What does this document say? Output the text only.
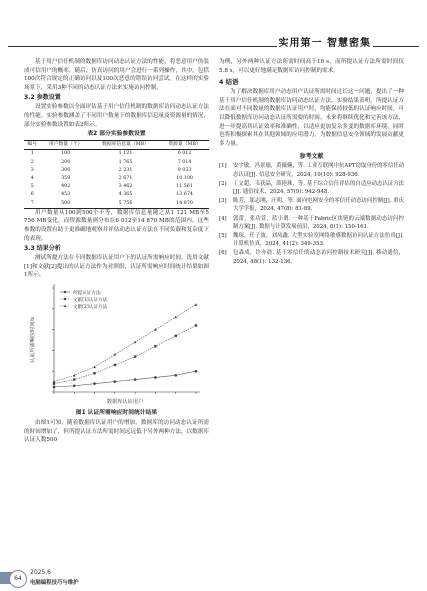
实用第一 智慧密集

基于用户信任机制的数据库访问动态认证方法的性能，将恶意用户伪装成可信用户的概率，随后，仿真访问的用户会进行一系列操作，其中，包括100次符合规定的正确访问以及100次恶意的错误访问尝试。在这样的实验场景下，采用3种不同的动态认证方法来实施访问控制。

3.2 参数设置

设置实验参数以全面评估基于用户信任机制的数据库访问动态认证方法的性能。实验参数涵盖了不同用户数量下的数据库信息量及资源量的情况，部分实验参数设置如表2所示。

表2 部分实验参数设置
编号	用户数量（个）	数据库信息量（MB）	资源量（MB）
1	100	1 121	6 012
2	200	1 765	7 014
3	300	2 231	9 033
4	359	2 671	10 100
5	402	3 462	11 561
6	453	4 365	13 674
7	500	5 756	14 870

用户数量从100到500个不等，数据库信息量随之从1 121 MB至5 756 MB变化，而资源数量则分布在6 012至14 870 MB的范围内。这些参数的设置有助于更准确地观察并评估动态认证方法在不同负载和复杂度下的表现。

3.3 结果分析

测试所提方法在不同数据库认证用户下的认证所需响应时间，选用文献[1]和文献[2]提出的认证方法作为对照组，认证所需响应时间统计结果如图1所示。

数据库认证用户
认证所需响应时间/s
所提认证方法
文献[1]认证方法
文献[2]认证方法
图1 认证所需响应时间统计结果

由图1可知，随着数据库认证用户的增加，数据库的访问动态认证所需的时间增加了，但所提认证方法所需时间远远低于另外两种方法，以数据库认证人数500

为例，另外两种认证方法所需时间高于16 s，而所提认证方法所需时间仅5.8 s，可以更好地满足数据库访问控制的需求。

4 结语

为了解决数据库用户动态用户认证所需时间过长这一问题，提出了一种基于用户信任机制的数据库访问动态认证方法。实验结果表明，所提认证方法在面对不同数量的数据库认证用户时，均能保持较低的认证响应时间，可以降低数据库访问动态认证所需要的时间。未来将继续优化和完善该方法，进一步提高其认证效率和准确性，以适应更加复杂多变的数据库环境。同时也将积极探索其在其他领域的应用潜力，为数据信息安全领域的发展贡献更多力量。

参考文献
[1]	安宇敏，冯景瑜，黄薇嬿，等. 工业互联网中抗APT窃取身份的零信任动态认证[J]. 信息安全研究，2024, 10(10): 928-936.
[2]	丁文超，韦获晶，薛艳珠，等. 基于综合信任评估的自适应动态认证方法[J]. 通信技术，2024, 57(9): 942-948.
[3]	陈芳，邬志刚，汪明，等. 面向电网安全的零信任动态访问控制[J]. 重庆大学学报，2024, 47(8): 81-89.
[4]	郭蕾，张功萱，蓝小谓. 一种基于Fabric区块链的云端数据动态访问控制方案[J]. 数据与计算发展前沿，2024, 6(1): 150-161.
[5]	魏琛，任子波，刘凤鑫. 大型实验室网络敏感数据访问认证方法仿真[J]. 计算机仿真，2024, 41(2): 349-353.
[6]	包森成，许亦晨. 基于零信任的动态访问控制技术研究[J]. 移动通信，2024, 48(1): 132-136.
64
2025.6
电脑编程技巧与维护
